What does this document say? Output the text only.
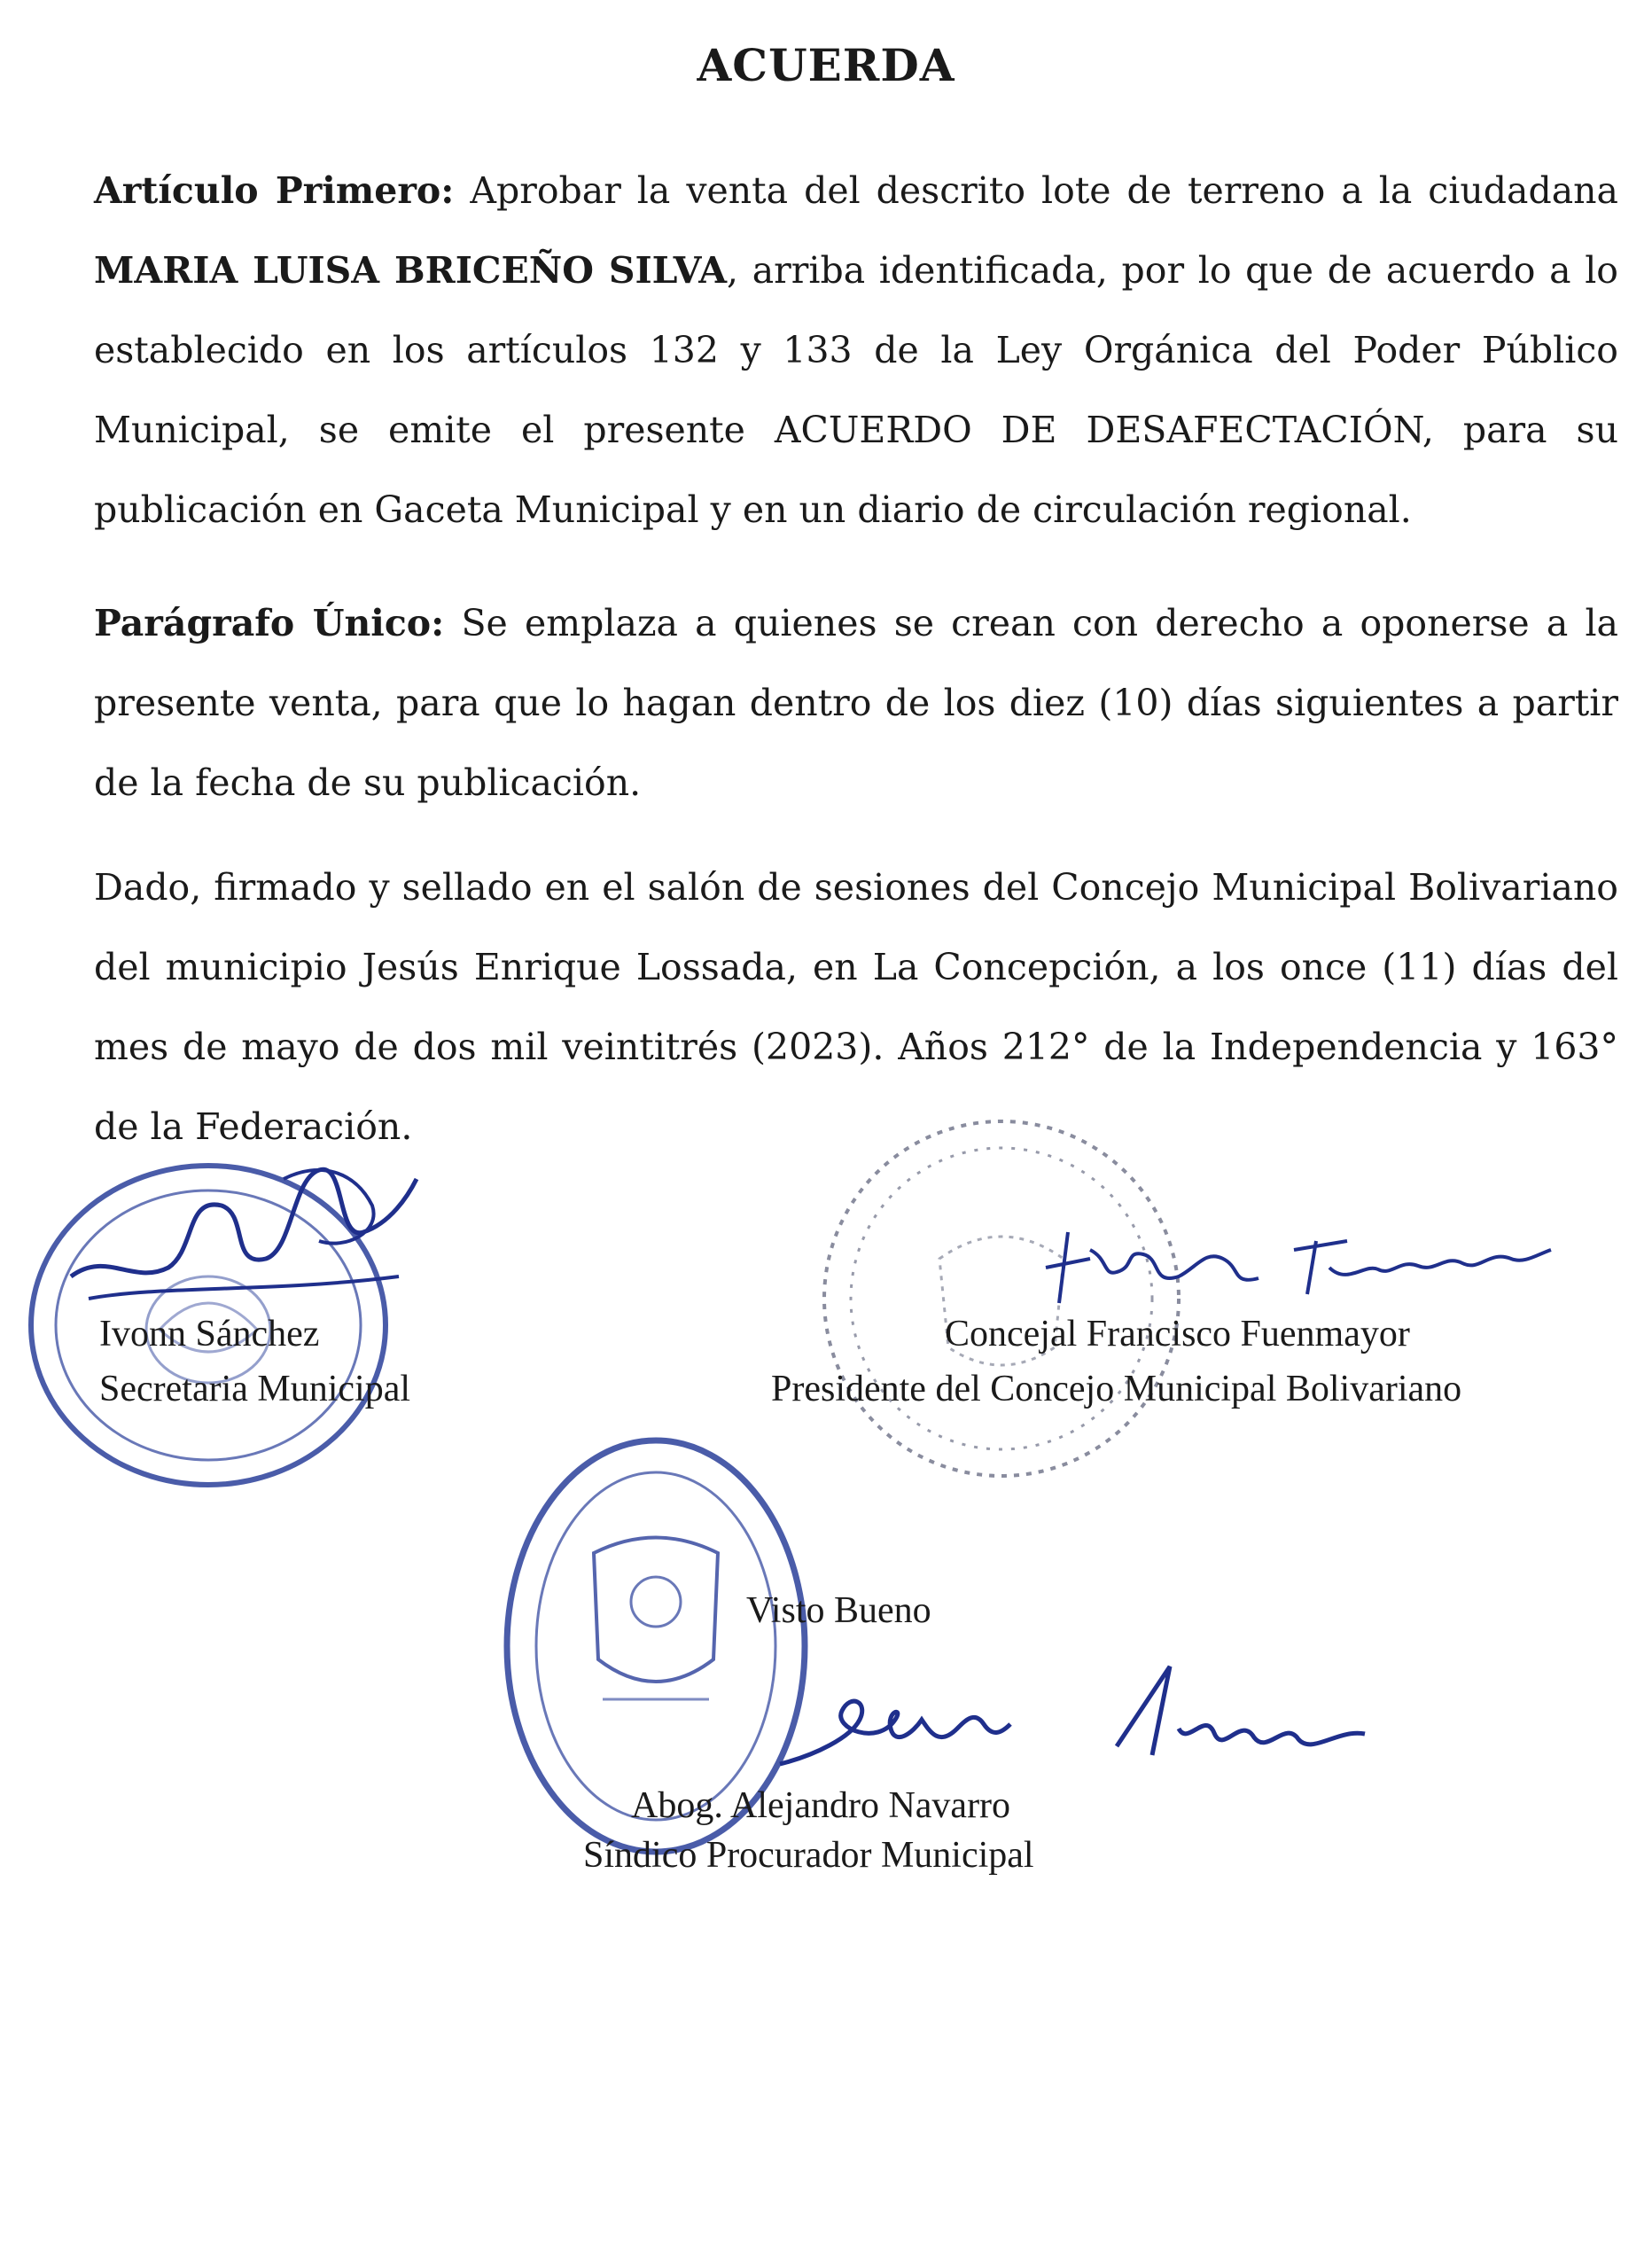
ACUERDA

Artículo Primero: Aprobar la venta del descrito lote de terreno a la ciudadana MARIA LUISA BRICEÑO SILVA, arriba identificada, por lo que de acuerdo a lo establecido en los artículos 132 y 133 de la Ley Orgánica del Poder Público Municipal, se emite el presente ACUERDO DE DESAFECTACIÓN, para su publicación en Gaceta Municipal y en un diario de circulación regional.

Parágrafo Único: Se emplaza a quienes se crean con derecho a oponerse a la presente venta, para que lo hagan dentro de los diez (10) días siguientes a partir de la fecha de su publicación.

Dado, firmado y sellado en el salón de sesiones del Concejo Municipal Bolivariano del municipio Jesús Enrique Lossada, en La Concepción, a los once (11) días del mes de mayo de dos mil veintitrés (2023). Años 212° de la Independencia y 163° de la Federación.

Ivonn Sánchez
Secretaria Municipal
Concejal Francisco Fuenmayor
Presidente del Concejo Municipal Bolivariano
Visto Bueno
Abog. Alejandro Navarro
Síndico Procurador Municipal
